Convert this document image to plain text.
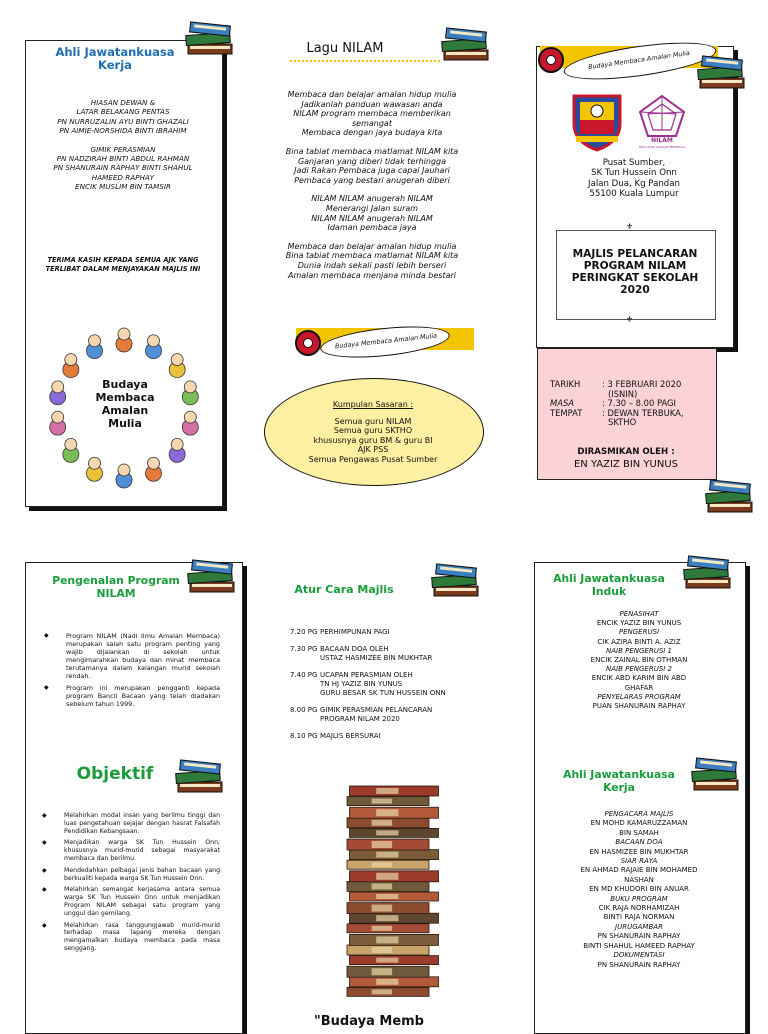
Ahli Jawatankuasa
Kerja
HIASAN DEWAN &
LATAR BELAKANG PENTAS
PN NURRUZALIN AYU BINTI GHAZALI
PN AIMIE-NORSHIDA BINTI IBRAHIM
GIMIK PERASMIAN
PN NADZIRAH BINTI ABDUL RAHMAN
PN SHANURAIN RAPHAY BINTI SHAHUL
HAMEED RAPHAY
ENCIK MUSLIM BIN TAMSIR
TERIMA KASIH KEPADA SEMUA AJK YANG
TERLIBAT DALAM MENJAYAKAN MAJLIS INI
Budaya
Membaca
Amalan
Mulia
Lagu NILAM
Membaca dan belajar amalan hidup mulia
Jadikanlah panduan wawasan anda
NILAM program membaca memberikan
semangat
Membaca dengan jaya budaya kita
Bina tabiat membaca matlamat NILAM kita
Ganjaran yang diberi tidak terhingga
Jadi Rakan Pembaca juga capai Jauhari
Pembaca yang bestari anugerah diberi
NILAM NILAM anugerah NILAM
Menerangi Jalan suram
NILAM NILAM anugerah NILAM
Idaman pembaca jaya
Membaca dan belajar amalan hidup mulia
Bina tabiat membaca matlamat NILAM kita
Dunia indah sekali pasti lebih berseri
Amalan membaca menjana minda bestari
Budaya Membaca Amalan Mulia
Kumpulan Sasaran :
Semua guru NILAM
Semua guru SKTHO
khususnya guru BM & guru BI
AJK PSS
Semua Pengawas Pusat Sumber
Budaya Membaca Amalan Mulia
NILAM
NADI ILMU AMALAN MEMBACA
Pusat Sumber,
SK Tun Hussein Onn
Jalan Dua, Kg Pandan
55100 Kuala Lumpur
⚜
⚜
MAJLIS PELANCARAN
PROGRAM NILAM
PERINGKAT SEKOLAH
2020
TARIKH	: 3 FEBRUARI 2020
(ISNIN)
MASA	: 7.30 – 8.00 PAGI
TEMPAT	: DEWAN TERBUKA,
SKTHO
DIRASMIKAN OLEH :
EN YAZIZ BIN YUNUS
Pengenalan Program
NILAM
◆ Program NILAM (Nadi Ilmu Amalan Membaca) merupakan salah satu program penting yang wajib dijalankan di sekolah untuk mengimarahkan budaya dan minat membaca terutamanya dalam kalangan murid sekolah rendah.
◆ Program ini merupakan pengganti kepada program Bancii Bacaan yang telah diadakan sebelum tahun 1999.
Objektif
◆ Melahirkan modal insan yang berilmu tinggi dan luas pengetahuan sejajar dengan hasrat Falsafah Pendidikan Kebangsaan.
◆ Menjadikan warga SK Tun Hussein Onn, khususnya murid-murid sebagai masyarakat membaca dan berilmu.
◆ Mendedahkan pelbagai jenis bahan bacaan yang berkualiti kepada warga SK Tun Hussein Onn.
◆ Melahirkan semangat kerjasama antara semua warga SK Tun Hussein Onn untuk menjadikan Program NILAM sebagai satu program yang unggul dan gemilang.
◆ Melahirkan rasa tanggungjawab murid-murid terhadap masa lapang mereka dengan mengamalkan budaya membaca pada masa senggang.
Atur Cara Majlis
7.20 PG PERHIMPUNAN PAGI
7.30 PG BACAAN DOA OLEH
USTAZ HASMIZEE BIN MUKHTAR
7.40 PG UCAPAN PERASMIAN OLEH
TN HJ YAZIZ BIN YUNUS
GURU BESAR SK TUN HUSSEIN ONN
8.00 PG GIMIK PERASMIAN PELANCARAN
PROGRAM NILAM 2020
8.10 PG MAJLIS BERSURAI
"Budaya Memb
Ahli Jawatankuasa
Induk
PENASIHAT
ENCIK YAZIZ BIN YUNUS
PENGERUSI
CIK AZIRA BINTI A. AZIZ
NAIB PENGERUSI 1
ENCIK ZAINAL BIN OTHMAN
NAIB PENGERUSI 2
ENCIK ABD KARIM BIN ABD
GHAFAR
PENYELARAS PROGRAM
PUAN SHANURAIN RAPHAY
Ahli Jawatankuasa
Kerja
PENGACARA MAJLIS
EN MOHD KAMARUZZAMAN
BIN SAMAH
BACAAN DOA
EN HASMIZEE BIN MUKHTAR
SIAR RAYA
EN AHMAD RAJAIE BIN MOHAMED
NASHAN
EN MD KHUDORI BIN ANUAR
BUKU PROGRAM
CIK RAJA NORHAMIZAH
BINTI RAJA NORMAN
JURUGAMBAR
PN SHANURAIN RAPHAY
BINTI SHAHUL HAMEED RAPHAY
DOKUMENTASI
PN SHANURAIN RAPHAY
